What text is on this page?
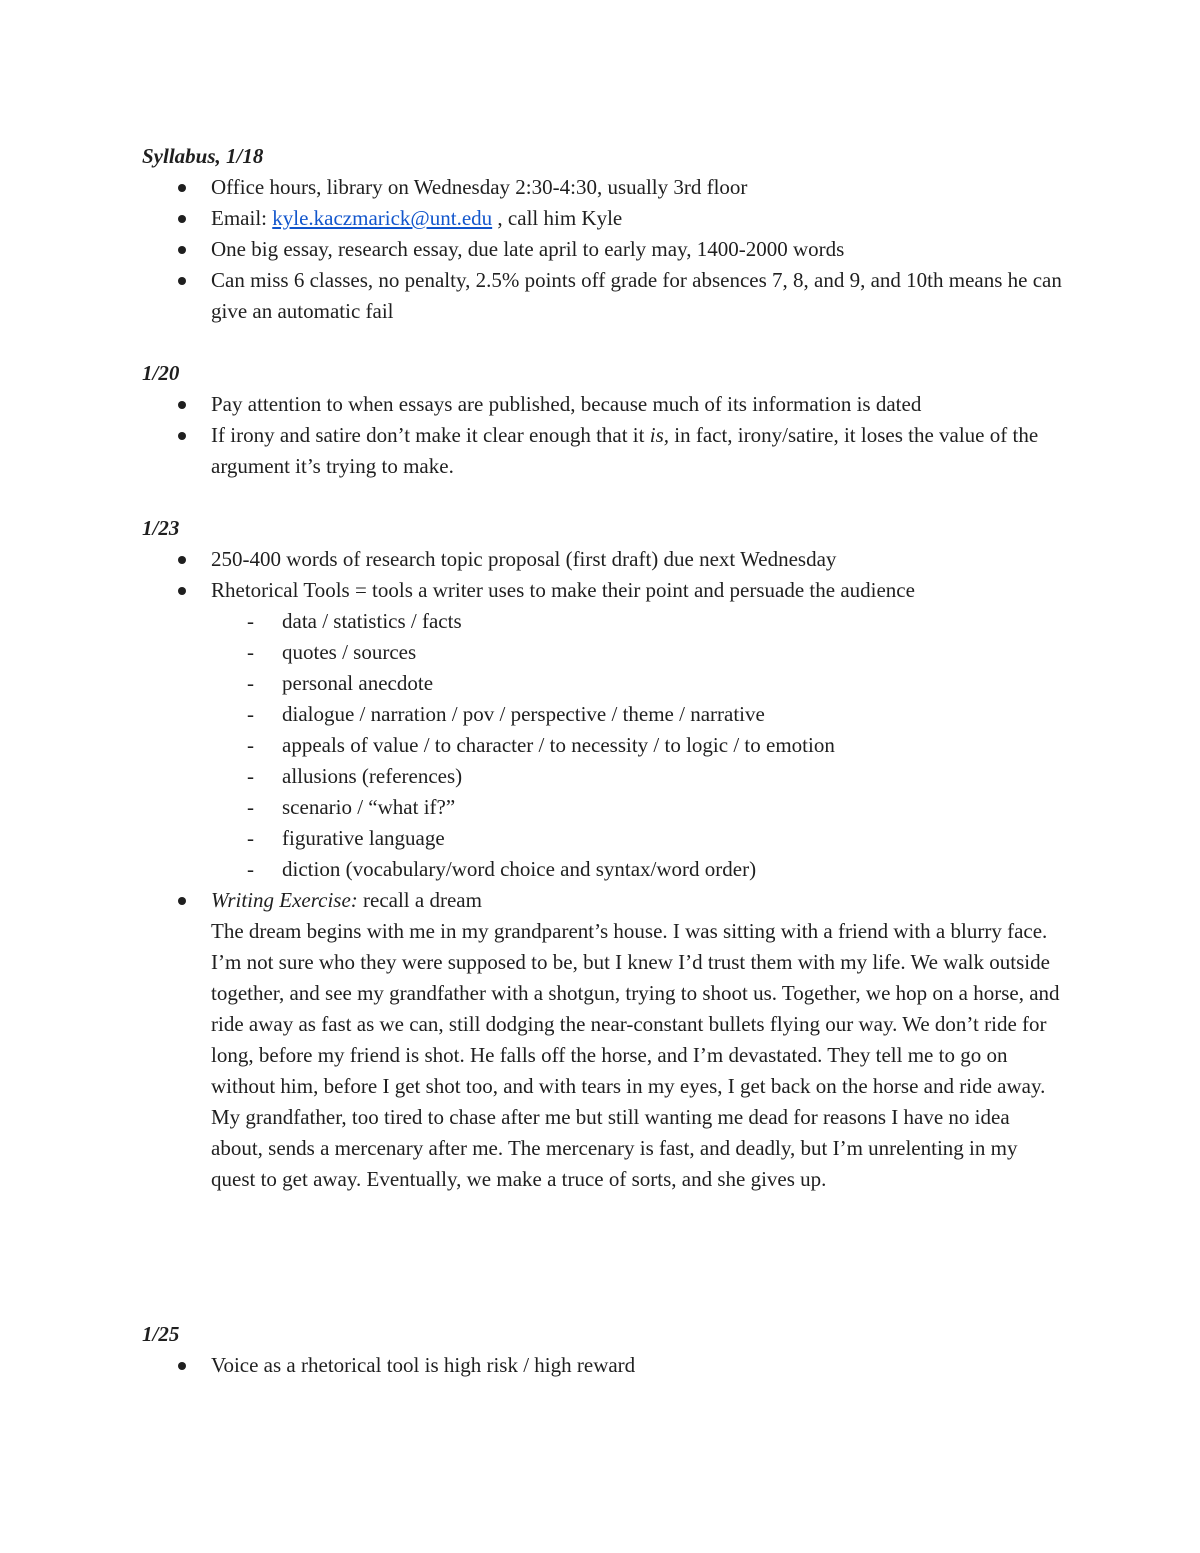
Syllabus, 1/18
Office hours, library on Wednesday 2:30-4:30, usually 3rd floor
Email: kyle.kaczmarick@unt.edu , call him Kyle
One big essay, research essay, due late april to early may, 1400-2000 words
Can miss 6 classes, no penalty, 2.5% points off grade for absences 7, 8, and 9, and 10th means he can give an automatic fail
1/20
Pay attention to when essays are published, because much of its information is dated
If irony and satire don’t make it clear enough that it is, in fact, irony/satire, it loses the value of the argument it’s trying to make.
1/23
250-400 words of research topic proposal (first draft) due next Wednesday
Rhetorical Tools = tools a writer uses to make their point and persuade the audience
- data / statistics / facts
- quotes / sources
- personal anecdote
- dialogue / narration / pov / perspective / theme / narrative
- appeals of value / to character / to necessity / to logic / to emotion
- allusions (references)
- scenario / “what if?”
- figurative language
- diction (vocabulary/word choice and syntax/word order)
Writing Exercise: recall a dream
The dream begins with me in my grandparent’s house. I was sitting with a friend with a blurry face. I’m not sure who they were supposed to be, but I knew I’d trust them with my life. We walk outside together, and see my grandfather with a shotgun, trying to shoot us. Together, we hop on a horse, and ride away as fast as we can, still dodging the near-constant bullets flying our way. We don’t ride for long, before my friend is shot. He falls off the horse, and I’m devastated. They tell me to go on without him, before I get shot too, and with tears in my eyes, I get back on the horse and ride away. My grandfather, too tired to chase after me but still wanting me dead for reasons I have no idea about, sends a mercenary after me. The mercenary is fast, and deadly, but I’m unrelenting in my quest to get away. Eventually, we make a truce of sorts, and she gives up.
1/25
Voice as a rhetorical tool is high risk / high reward
